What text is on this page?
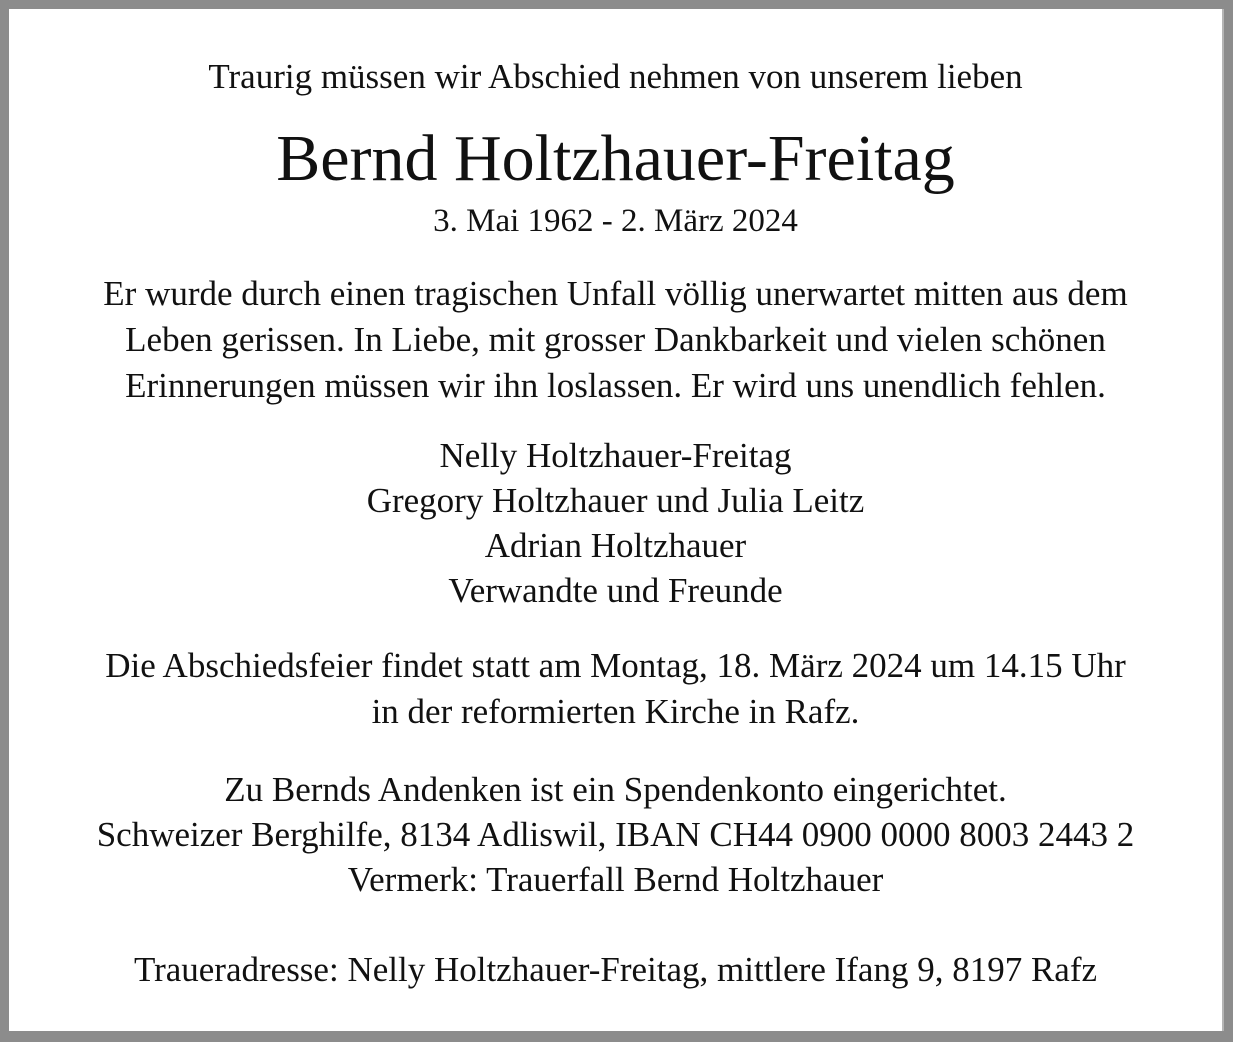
Traurig müssen wir Abschied nehmen von unserem lieben
Bernd Holtzhauer-Freitag
3. Mai 1962 - 2. März 2024
Er wurde durch einen tragischen Unfall völlig unerwartet mitten aus dem
Leben gerissen. In Liebe, mit grosser Dankbarkeit und vielen schönen
Erinnerungen müssen wir ihn loslassen. Er wird uns unendlich fehlen.
Nelly Holtzhauer-Freitag
Gregory Holtzhauer und Julia Leitz
Adrian Holtzhauer
Verwandte und Freunde
Die Abschiedsfeier findet statt am Montag, 18. März 2024 um 14.15 Uhr
in der reformierten Kirche in Rafz.
Zu Bernds Andenken ist ein Spendenkonto eingerichtet.
Schweizer Berghilfe, 8134 Adliswil, IBAN CH44 0900 0000 8003 2443 2
Vermerk: Trauerfall Bernd Holtzhauer
Traueradresse: Nelly Holtzhauer-Freitag, mittlere Ifang 9, 8197 Rafz
